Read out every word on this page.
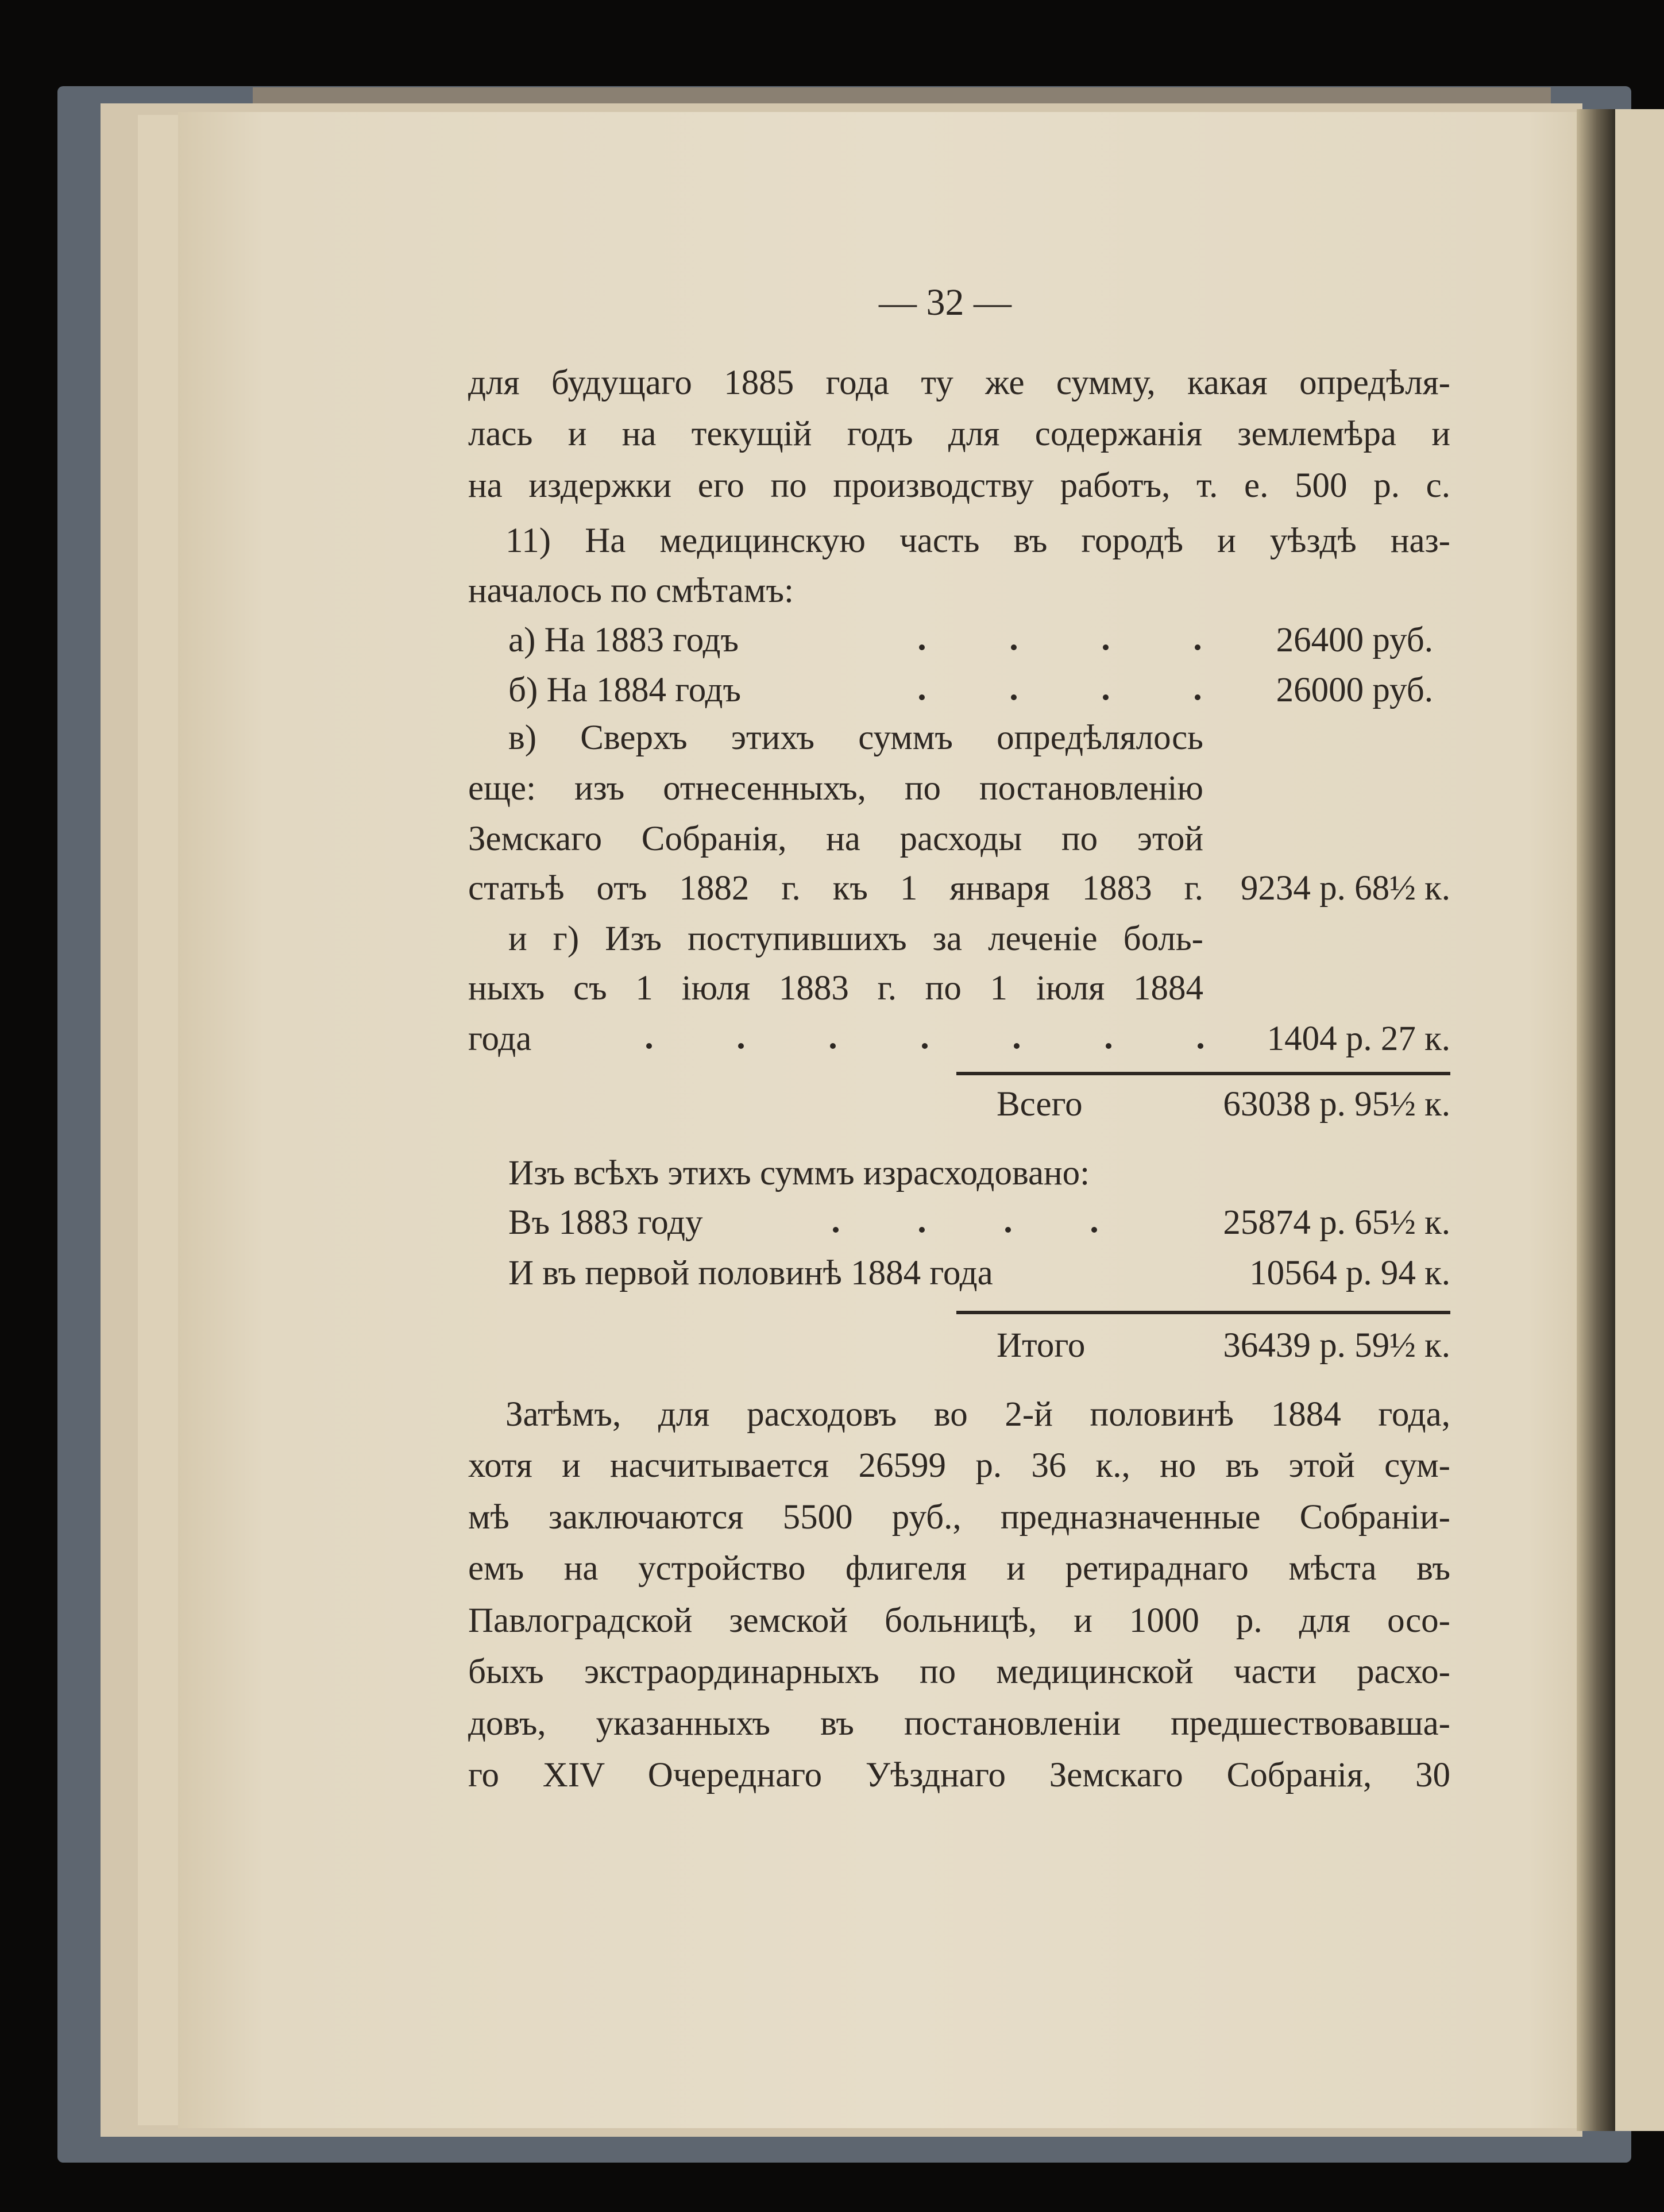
— 32 —
для будущаго 1885 года ту же сумму, какая опредѣля-
лась и на текущій годъ для содержанія землемѣра и
на издержки его по производству работъ, т. е. 500 р. с.
11) На медицинскую часть въ городѣ и уѣздѣ наз-
началось по смѣтамъ:
а) На 1883 годъ	26400 руб.
б) На 1884 годъ	26000 руб.
в) Сверхъ этихъ суммъ опредѣлялось
еще: изъ отнесенныхъ, по постановленію
Земскаго Собранія, на расходы по этой
статьѣ отъ 1882 г. къ 1 января 1883 г.	9234 р. 68½ к.
и г) Изъ поступившихъ за леченіе боль-
ныхъ съ 1 іюля 1883 г. по 1 іюля 1884
года	1404 р. 27 к.
Всего	63038 р. 95½ к.
Изъ всѣхъ этихъ суммъ израсходовано:
Въ 1883 году	25874 р. 65½ к.
И въ первой половинѣ 1884 года	10564 р. 94 к.
Итого	36439 р. 59½ к.
Затѣмъ, для расходовъ во 2-й половинѣ 1884 года,
хотя и насчитывается 26599 р. 36 к., но въ этой сум-
мѣ заключаются 5500 руб., предназначенные Собраніи-
емъ на устройство флигеля и ретираднаго мѣста въ
Павлоградской земской больницѣ, и 1000 р. для осо-
быхъ экстраординарныхъ по медицинской части расхо-
довъ, указанныхъ въ постановленіи предшествовавша-
го XIV Очереднаго Уѣзднаго Земскаго Собранія, 30
